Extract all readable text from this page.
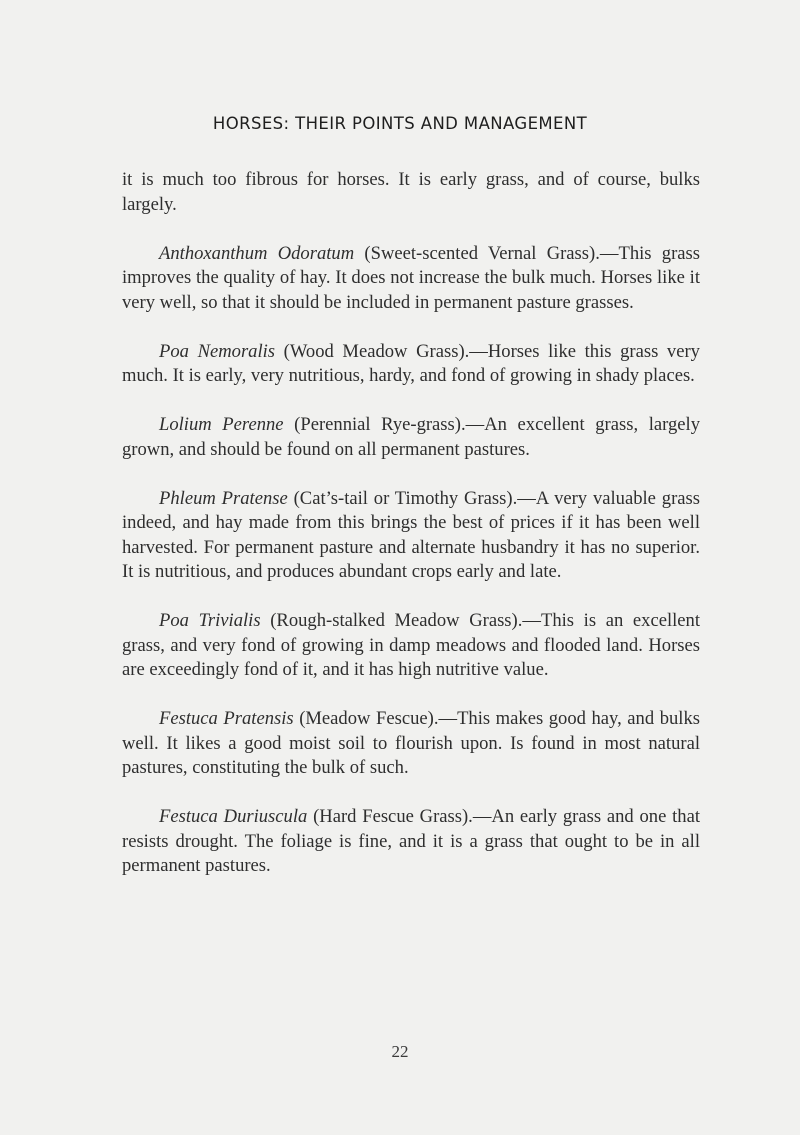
HORSES: THEIR POINTS AND MANAGEMENT

it is much too fibrous for horses. It is early grass, and of course, bulks largely.

Anthoxanthum Odoratum (Sweet-scented Vernal Grass).—This grass improves the quality of hay. It does not increase the bulk much. Horses like it very well, so that it should be included in permanent pasture grasses.

Poa Nemoralis (Wood Meadow Grass).—Horses like this grass very much. It is early, very nutritious, hardy, and fond of growing in shady places.

Lolium Perenne (Perennial Rye-grass).—An excellent grass, largely grown, and should be found on all permanent pastures.

Phleum Pratense (Cat’s-tail or Timothy Grass).—A very valuable grass indeed, and hay made from this brings the best of prices if it has been well harvested. For permanent pasture and alternate husbandry it has no superior. It is nutritious, and produces abundant crops early and late.

Poa Trivialis (Rough-stalked Meadow Grass).—This is an excellent grass, and very fond of growing in damp meadows and flooded land. Horses are exceedingly fond of it, and it has high nutritive value.

Festuca Pratensis (Meadow Fescue).—This makes good hay, and bulks well. It likes a good moist soil to flourish upon. Is found in most natural pastures, constituting the bulk of such.

Festuca Duriuscula (Hard Fescue Grass).—An early grass and one that resists drought. The foliage is fine, and it is a grass that ought to be in all permanent pastures.

22
